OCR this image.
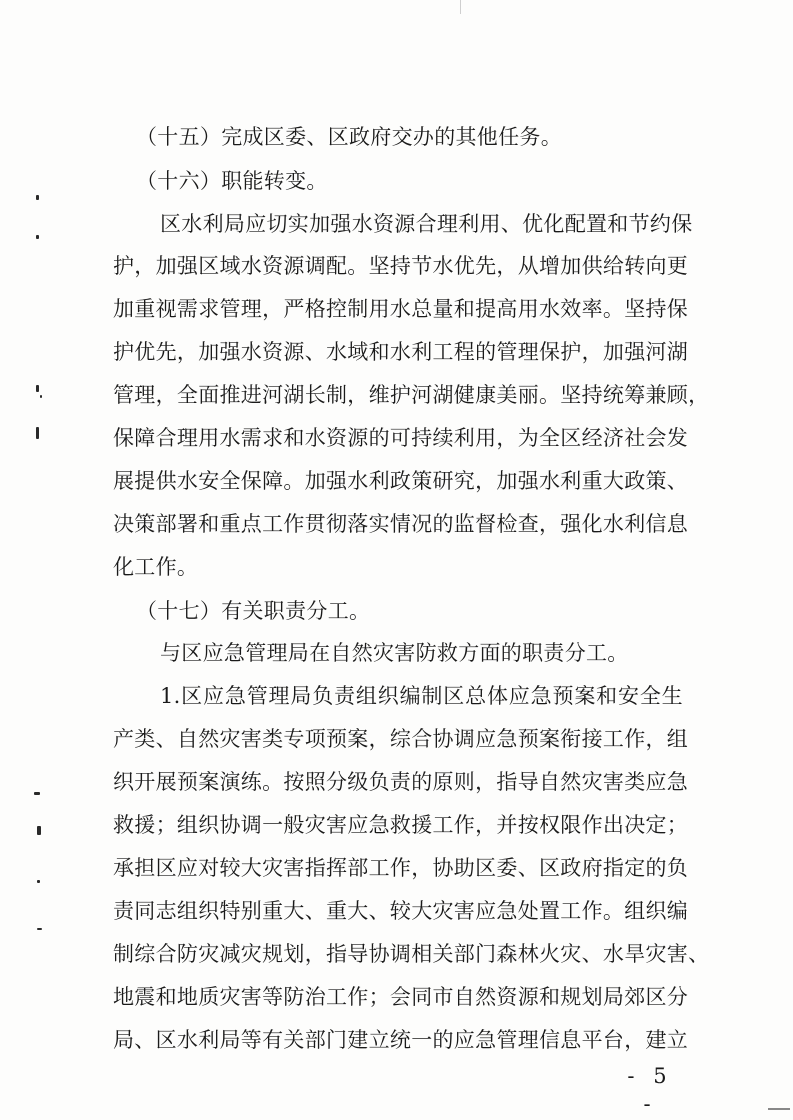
（十五）完成区委、区政府交办的其他任务。
（十六）职能转变。
区水利局应切实加强水资源合理利用、优化配置和节约保
护，加强区域水资源调配。坚持节水优先，从增加供给转向更
加重视需求管理，严格控制用水总量和提高用水效率。坚持保
护优先，加强水资源、水域和水利工程的管理保护，加强河湖
管理，全面推进河湖长制，维护河湖健康美丽。坚持统筹兼顾，
保障合理用水需求和水资源的可持续利用，为全区经济社会发
展提供水安全保障。加强水利政策研究，加强水利重大政策、
决策部署和重点工作贯彻落实情况的监督检查，强化水利信息
化工作。
（十七）有关职责分工。
与区应急管理局在自然灾害防救方面的职责分工。
1.区应急管理局负责组织编制区总体应急预案和安全生
产类、自然灾害类专项预案，综合协调应急预案衔接工作，组
织开展预案演练。按照分级负责的原则，指导自然灾害类应急
救援；组织协调一般灾害应急救援工作，并按权限作出决定；
承担区应对较大灾害指挥部工作，协助区委、区政府指定的负
责同志组织特别重大、重大、较大灾害应急处置工作。组织编
制综合防灾减灾规划，指导协调相关部门森林火灾、水旱灾害、
地震和地质灾害等防治工作；会同市自然资源和规划局郊区分
局、区水利局等有关部门建立统一的应急管理信息平台，建立
- 5 -
